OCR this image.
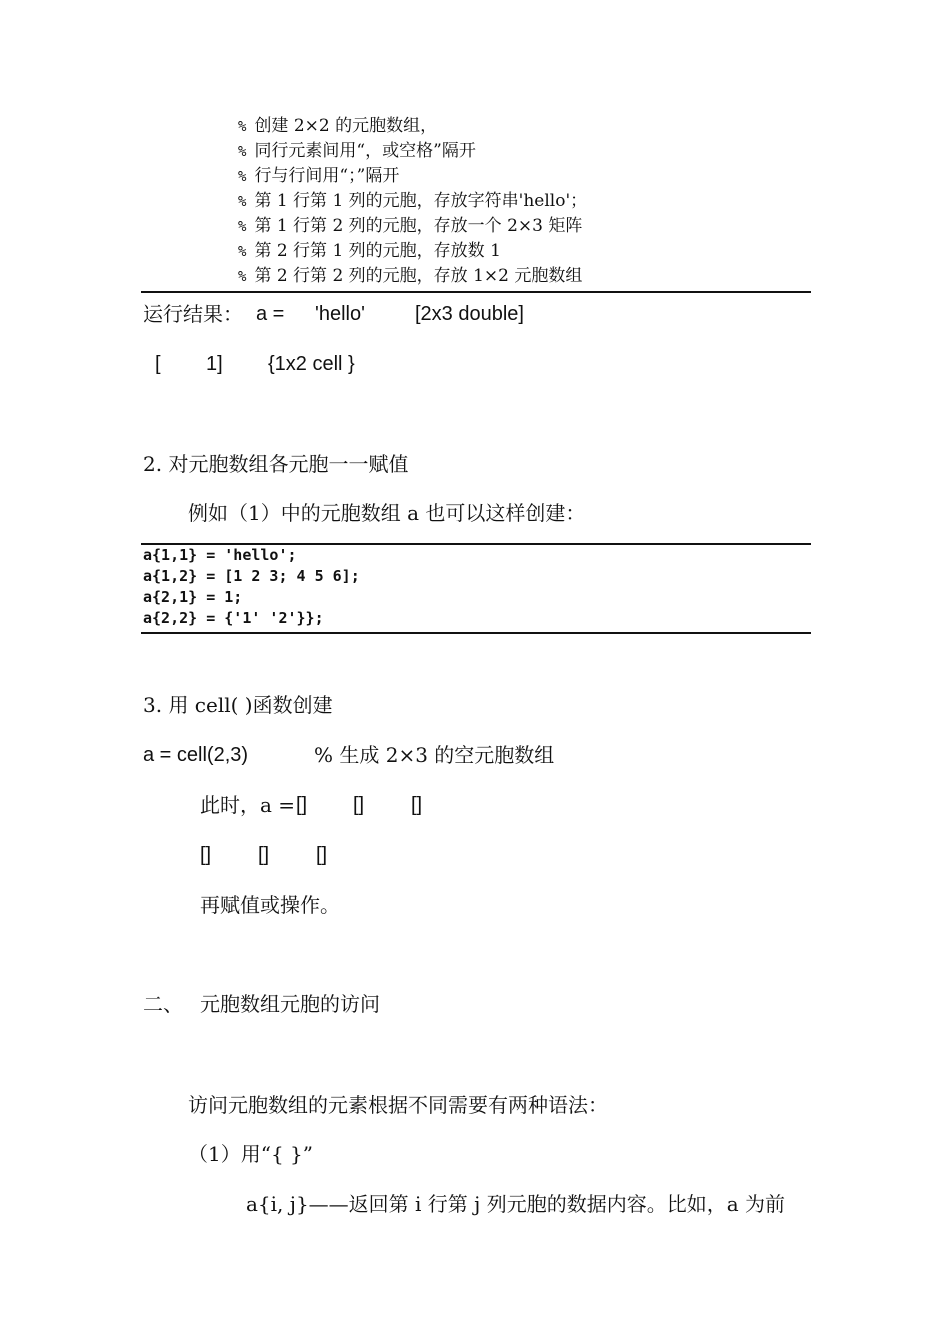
% 创建 2×2 的元胞数组，
% 同行元素间用“，或空格”隔开
% 行与行间用“；”隔开
% 第 1 行第 1 列的元胞，存放字符串'hello'；
% 第 1 行第 2 列的元胞，存放一个 2×3 矩阵
% 第 2 行第 1 列的元胞，存放数 1
% 第 2 行第 2 列的元胞，存放 1×2 元胞数组
运行结果： a = 'hello'	[2x3 double]
[ 1] {1x2 cell }
2. 对元胞数组各元胞一一赋值
例如（1）中的元胞数组 a 也可以这样创建：
a{1,1} = 'hello';
a{1,2} = [1 2 3; 4 5 6];
a{2,1} = 1;
a{2,2} = {'1' '2'}};
3. 用 cell( )函数创建
a = cell(2,3)	% 生成 2×3 的空元胞数组
此时，a = [] [] []
[] [] []
再赋值或操作。
二、 元胞数组元胞的访问
访问元胞数组的元素根据不同需要有两种语法：
（1）用“{ }”
a{i, j}——返回第 i 行第 j 列元胞的数据内容。比如，a 为前
